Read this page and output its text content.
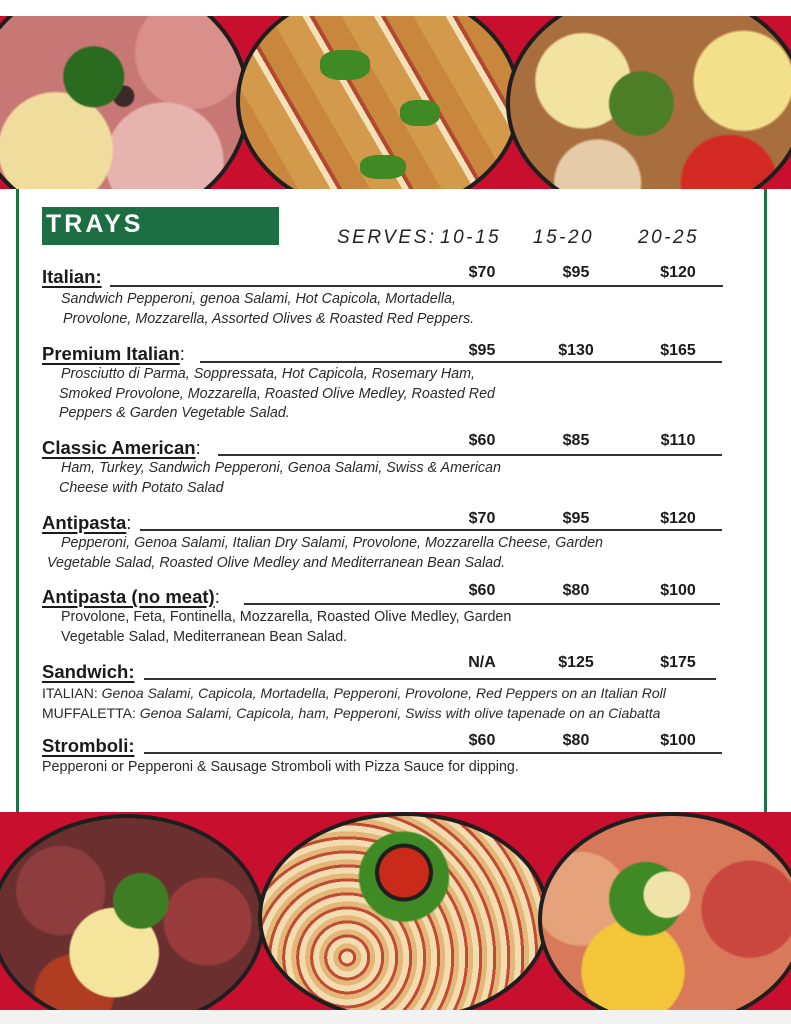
TRAYS	SERVES: 10-15 15-20 20-25
Italian:	$70	$95	$120
Sandwich Pepperoni, genoa Salami, Hot Capicola, Mortadella,
Provolone, Mozzarella, Assorted Olives & Roasted Red Peppers.
Premium Italian:	$95	$130	$165
Prosciutto di Parma, Soppressata, Hot Capicola, Rosemary Ham,
Smoked Provolone, Mozzarella, Roasted Olive Medley, Roasted Red
Peppers & Garden Vegetable Salad.
Classic American:	$60	$85	$110
Ham, Turkey, Sandwich Pepperoni, Genoa Salami, Swiss & American
Cheese with Potato Salad
Antipasta:	$70	$95	$120
Pepperoni, Genoa Salami, Italian Dry Salami, Provolone, Mozzarella Cheese, Garden
Vegetable Salad, Roasted Olive Medley and Mediterranean Bean Salad.
Antipasta (no meat):	$60	$80	$100
Provolone, Feta, Fontinella, Mozzarella, Roasted Olive Medley, Garden
Vegetable Salad, Mediterranean Bean Salad.
Sandwich:	N/A	$125	$175
ITALIAN: Genoa Salami, Capicola, Mortadella, Pepperoni, Provolone, Red Peppers on an Italian Roll
MUFFALETTA: Genoa Salami, Capicola, ham, Pepperoni, Swiss with olive tapenade on an Ciabatta
Stromboli:	$60	$80	$100
Pepperoni or Pepperoni & Sausage Stromboli with Pizza Sauce for dipping.
